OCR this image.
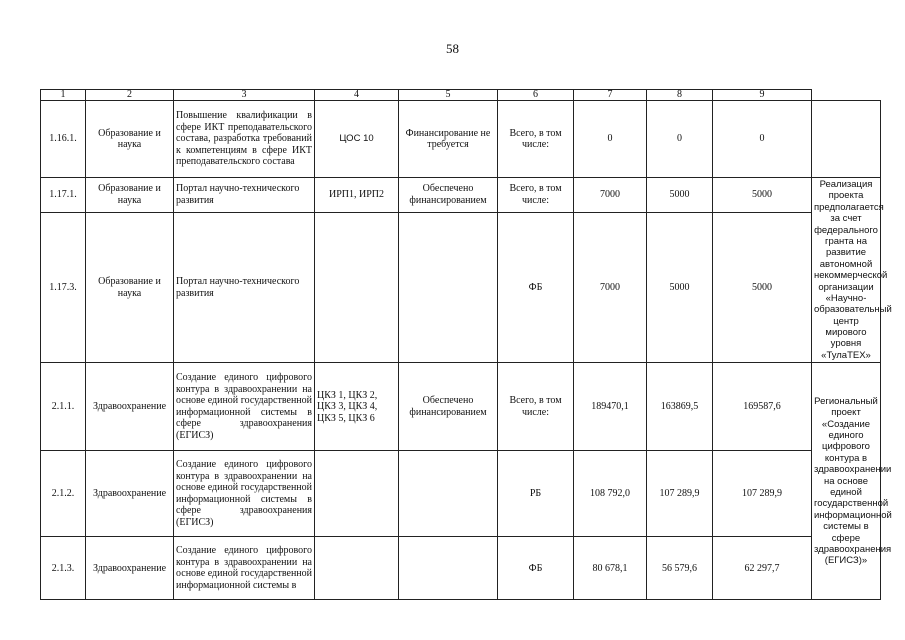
58
1	2	3	4	5	6	7	8	9	
1.16.1.	Образование и наука	Повышение квалификации в сфере ИКТ преподавательского состава, разработка требований к компетенциям в сфере ИКТ преподавательского состава	ЦОС 10	Финансирование не требуется	Всего, в том числе:	0	0	0	
1.17.1.	Образование и наука	Портал научно-технического развития	ИРП1, ИРП2	Обеспечено финансированием	Всего, в том числе:	7000	5000	5000	Реализация проекта предполагается за счет федерального гранта на развитие автономной некоммерческой организации «Научно-образовательный центр мирового уровня «ТулаТЕХ»
1.17.3.	Образование и наука	Портал научно-технического развития			ФБ	7000	5000	5000	
2.1.1.	Здравоохранение	Создание единого цифрового контура в здравоохранении на основе единой государственной информационной системы в сфере здравоохранения (ЕГИСЗ)	ЦКЗ 1, ЦКЗ 2, ЦКЗ 3, ЦКЗ 4, ЦКЗ 5, ЦКЗ 6	Обеспечено финансированием	Всего, в том числе:	189470,1	163869,5	169587,6	Региональный проект «Создание единого цифрового контура в здравоохранении на основе единой государственной информационной системы в сфере здравоохранения (ЕГИСЗ)»
2.1.2.	Здравоохранение	Создание единого цифрового контура в здравоохранении на основе единой государственной информационной системы в сфере здравоохранения (ЕГИСЗ)			РБ	108 792,0	107 289,9	107 289,9	
2.1.3.	Здравоохранение	Создание единого цифрового контура в здравоохранении на основе единой государственной информационной системы в			ФБ	80 678,1	56 579,6	62 297,7	
